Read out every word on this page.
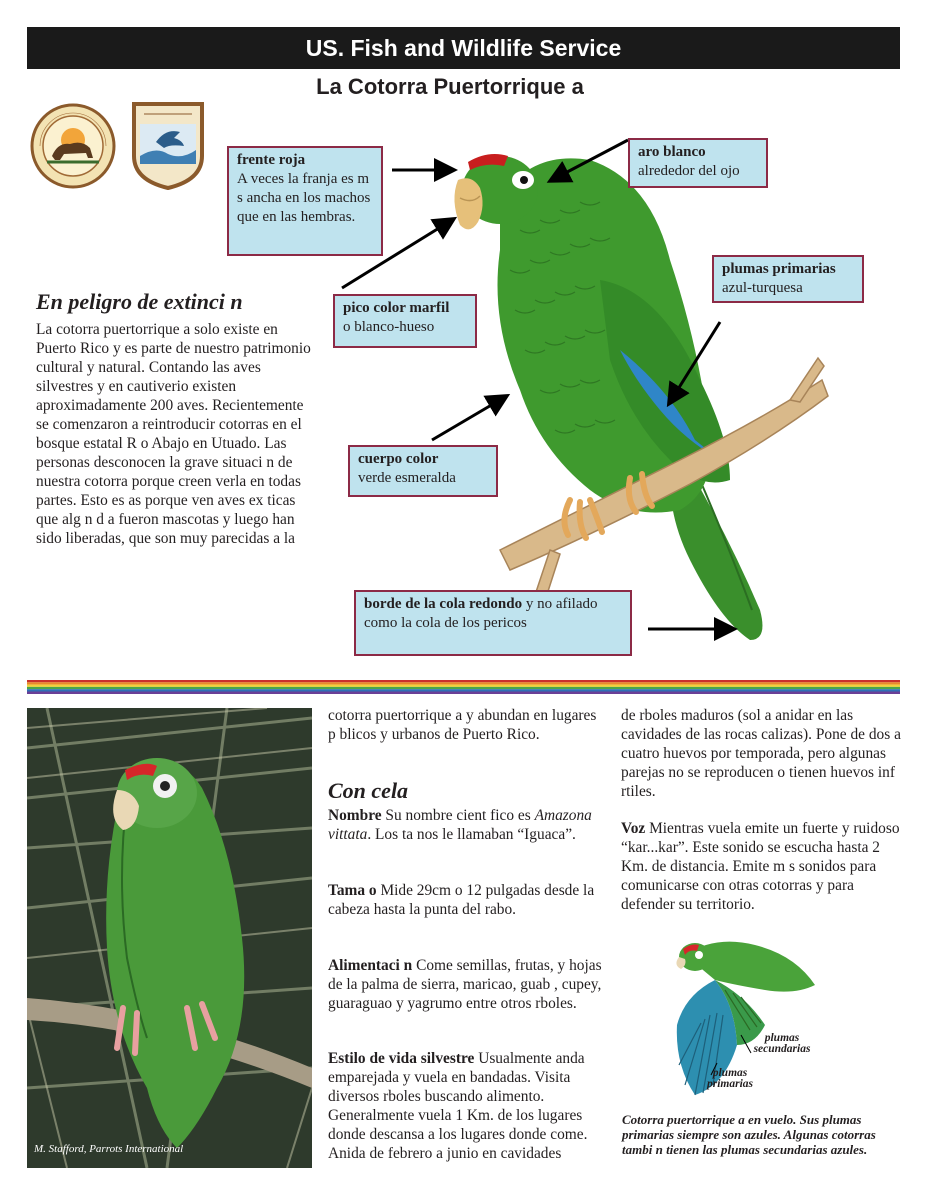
US. Fish and Wildlife Service
La Cotorra Puertorrique a
frente roja
A veces la franja es m s ancha en los machos que en las hembras.
aro blanco
alrededor del ojo
plumas primarias
azul-turquesa
pico color marfil
o blanco-hueso
cuerpo color
verde esmeralda
borde de la cola redondo y no afilado como la cola de los pericos
En peligro de extinci n
La cotorra puertorrique a solo existe en Puerto Rico y es parte de nuestro patrimonio cultural y natural. Contando las aves silvestres y en cautiverio existen aproximadamente 200 aves. Recientemente se comenzaron a reintroducir cotorras en el bosque estatal R o Abajo en Utuado. Las personas desconocen la grave situaci n de nuestra cotorra porque creen verla en todas partes. Esto es as porque ven aves ex ticas que alg n d a fueron mascotas y luego han sido liberadas, que son muy parecidas a la
M. Stafford, Parrots International
cotorra puertorrique a y abundan en lugares p blicos y urbanos de Puerto Rico.
Con cela
Nombre Su nombre cient fico es Amazona vittata. Los ta nos le llamaban “Iguaca”.
Tama o Mide 29cm o 12 pulgadas desde la cabeza hasta la punta del rabo.
Alimentaci n Come semillas, frutas, y hojas de la palma de sierra, maricao, guab , cupey, guaraguao y yagrumo entre otros rboles.
Estilo de vida silvestre Usualmente anda emparejada y vuela en bandadas. Visita diversos rboles buscando alimento. Generalmente vuela 1 Km. de los lugares donde descansa a los lugares donde come. Anida de febrero a junio en cavidades
de rboles maduros (sol a anidar en las cavidades de las rocas calizas). Pone de dos a cuatro huevos por temporada, pero algunas parejas no se reproducen o tienen huevos inf rtiles.
Voz Mientras vuela emite un fuerte y ruidoso “kar...kar”. Este sonido se escucha hasta 2 Km. de distancia. Emite m s sonidos para comunicarse con otras cotorras y para defender su territorio.
plumas secundarias
plumas primarias
Cotorra puertorrique a en vuelo. Sus plumas primarias siempre son azules. Algunas cotorras tambi n tienen las plumas secundarias azules.
